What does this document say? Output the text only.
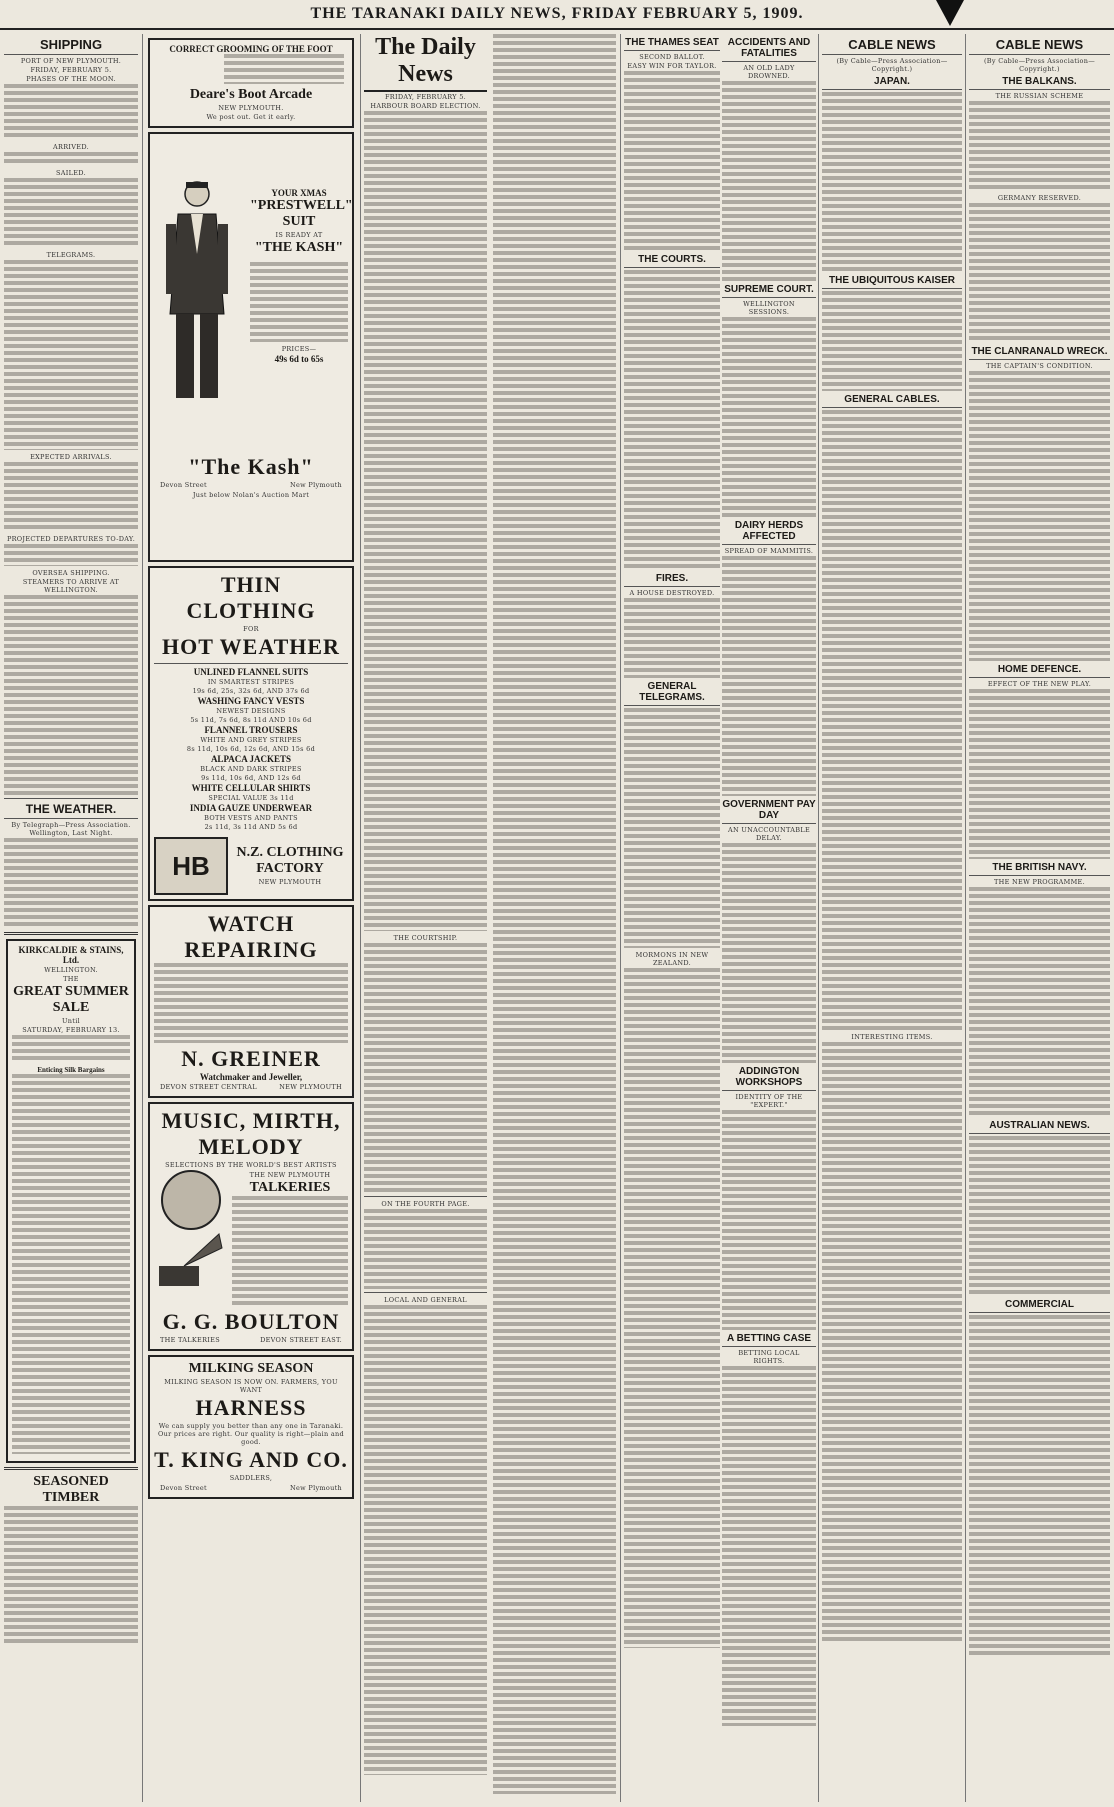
THE TARANAKI DAILY NEWS, FRIDAY FEBRUARY 5, 1909.
SHIPPING
PORT OF NEW PLYMOUTH.
FRIDAY, FEBRUARY 5.
PHASES OF THE MOON.
ARRIVED.
SAILED.
TELEGRAMS.
EXPECTED ARRIVALS.
PROJECTED DEPARTURES TO-DAY.
OVERSEA SHIPPING.
STEAMERS TO ARRIVE AT WELLINGTON.
THE WEATHER.
By Telegraph—Press Association. Wellington, Last Night.
KIRKCALDIE & STAINS, Ltd.
WELLINGTON.
THE
GREAT SUMMER SALE
Until
SATURDAY, FEBRUARY 13.
Enticing Silk Bargains
SEASONED TIMBER
CORRECT GROOMING OF THE FOOT
Deare's Boot Arcade
NEW PLYMOUTH.
We post out. Get it early.
YOUR XMAS
"PRESTWELL"
SUIT
IS READY AT
"THE KASH"
PRICES—
49s 6d to 65s
"The Kash"
Devon Street	New Plymouth
Just below Nolan's Auction Mart
THIN CLOTHING
FOR
HOT WEATHER
UNLINED FLANNEL SUITS
IN SMARTEST STRIPES
19s 6d, 25s, 32s 6d, AND 37s 6d
WASHING FANCY VESTS
NEWEST DESIGNS
5s 11d, 7s 6d, 8s 11d AND 10s 6d
FLANNEL TROUSERS
WHITE AND GREY STRIPES
8s 11d, 10s 6d, 12s 6d, AND 15s 6d
ALPACA JACKETS
BLACK AND DARK STRIPES
9s 11d, 10s 6d, AND 12s 6d
WHITE CELLULAR SHIRTS
SPECIAL VALUE 3s 11d
INDIA GAUZE UNDERWEAR
BOTH VESTS AND PANTS
2s 11d, 3s 11d AND 5s 6d
HB	N.Z. CLOTHING FACTORY
NEW PLYMOUTH
WATCH REPAIRING
N. GREINER
Watchmaker and Jeweller,
DEVON STREET CENTRAL	NEW PLYMOUTH
MUSIC, MIRTH, MELODY
SELECTIONS BY THE WORLD'S BEST ARTISTS
THE NEW PLYMOUTH
TALKERIES
G. G. BOULTON
THE TALKERIES	DEVON STREET EAST.
MILKING SEASON
MILKING SEASON IS NOW ON. FARMERS, YOU WANT
HARNESS
We can supply you better than any one in Taranaki. Our prices are right. Our quality is right—plain and good.
T. KING AND CO.
SADDLERS,
Devon Street	New Plymouth
The Daily News
FRIDAY, FEBRUARY 5.
HARBOUR BOARD ELECTION.
THE COURTSHIP.
ON THE FOURTH PAGE.
LOCAL AND GENERAL
THE THAMES SEAT
SECOND BALLOT.
EASY WIN FOR TAYLOR.
THE COURTS.
FIRES.
A HOUSE DESTROYED.
GENERAL TELEGRAMS.
MORMONS IN NEW ZEALAND.
ACCIDENTS AND FATALITIES
AN OLD LADY DROWNED.
SUPREME COURT.
WELLINGTON SESSIONS.
DAIRY HERDS AFFECTED
SPREAD OF MAMMITIS.
GOVERNMENT PAY DAY
AN UNACCOUNTABLE DELAY.
ADDINGTON WORKSHOPS
IDENTITY OF THE "EXPERT."
A BETTING CASE
BETTING LOCAL RIGHTS.
CABLE NEWS
(By Cable—Press Association—Copyright.)
JAPAN.
THE UBIQUITOUS KAISER
GENERAL CABLES.
INTERESTING ITEMS.
CABLE NEWS
(By Cable—Press Association—Copyright.)
THE BALKANS.
THE RUSSIAN SCHEME
GERMANY RESERVED.
THE CLANRANALD WRECK.
THE CAPTAIN'S CONDITION.
HOME DEFENCE.
EFFECT OF THE NEW PLAY.
THE BRITISH NAVY.
THE NEW PROGRAMME.
AUSTRALIAN NEWS.
COMMERCIAL
